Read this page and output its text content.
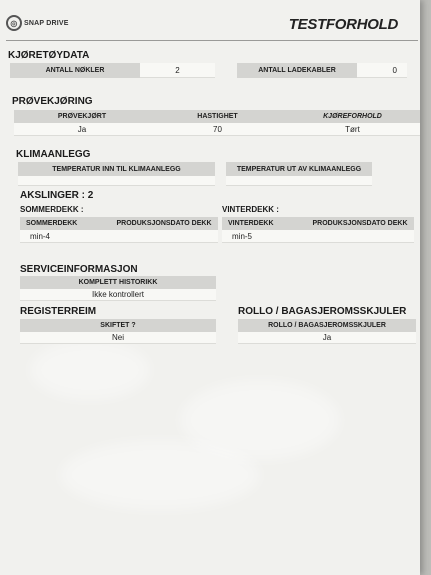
◎ SNAP DRIVE	TESTFORHOLD
KJØRETØYDATA
ANTALL NØKLER	2	ANTALL LADEKABLER	0
PRØVEKJØRING
PRØVEKJØRT	HASTIGHET	KJØREFORHOLD
Ja	70	Tørt
KLIMAANLEGG
TEMPERATUR INN TIL KLIMAANLEGG	TEMPERATUR UT AV KLIMAANLEGG
AKSLINGER : 2
SOMMERDEKK :
SOMMERDEKK	PRODUKSJONSDATO DEKK
min-4
VINTERDEKK :
VINTERDEKK	PRODUKSJONSDATO DEKK
min-5
SERVICEINFORMASJON
KOMPLETT HISTORIKK
Ikke kontrollert
REGISTERREIM
SKIFTET ?
Nei
ROLLO / BAGASJEROMSSKJULER
ROLLO / BAGASJEROMSSKJULER
Ja
